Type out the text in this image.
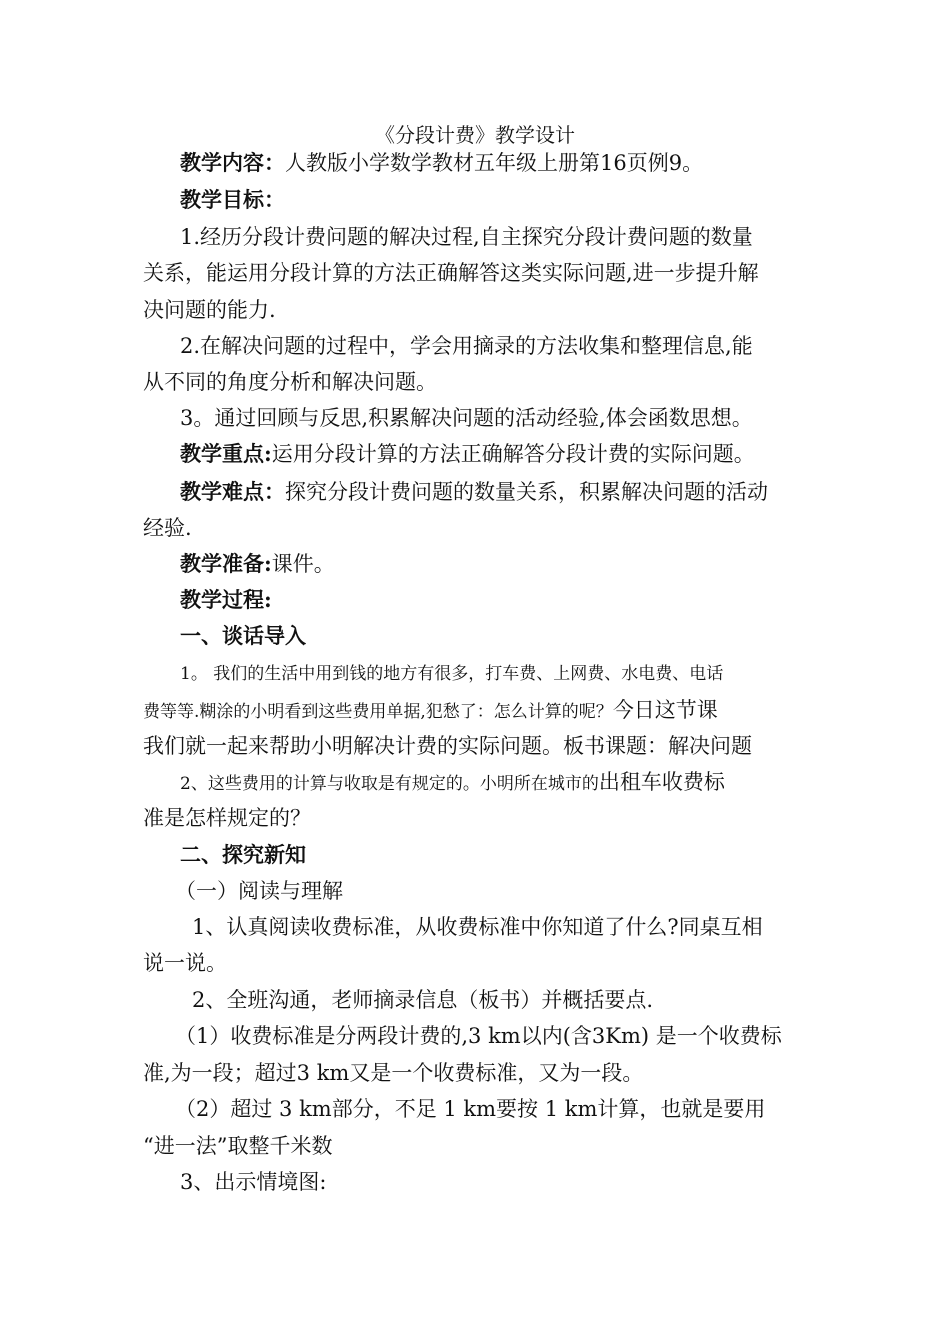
《分段计费》教学设计
教学内容：人教版小学数学教材五年级上册第16页例9。
教学目标：
1.经历分段计费问题的解决过程,自主探究分段计费问题的数量
关系，能运用分段计算的方法正确解答这类实际问题,进一步提升解
决问题的能力.
2.在解决问题的过程中，学会用摘录的方法收集和整理信息,能
从不同的角度分析和解决问题。
3。通过回顾与反思,积累解决问题的活动经验,体会函数思想。
教学重点:运用分段计算的方法正确解答分段计费的实际问题。
教学难点：探究分段计费问题的数量关系，积累解决问题的活动
经验.
教学准备:课件。
教学过程:
一、谈话导入
1。 我们的生活中用到钱的地方有很多，打车费、上网费、水电费、电话
费等等.糊涂的小明看到这些费用单据,犯愁了：怎么计算的呢？今日这节课
我们就一起来帮助小明解决计费的实际问题。板书课题：解决问题
2、这些费用的计算与收取是有规定的。小明所在城市的出租车收费标
准是怎样规定的？
二、探究新知
（一）阅读与理解
1、认真阅读收费标准，从收费标准中你知道了什么?同桌互相
说一说。
2、全班沟通，老师摘录信息（板书）并概括要点.
（1）收费标准是分两段计费的,3 km以内(含3Km) 是一个收费标
准,为一段；超过3 km又是一个收费标准，又为一段。
（2）超过 3 km部分，不足 1 km要按 1 km计算，也就是要用
“进一法”取整千米数
3、出示情境图:
